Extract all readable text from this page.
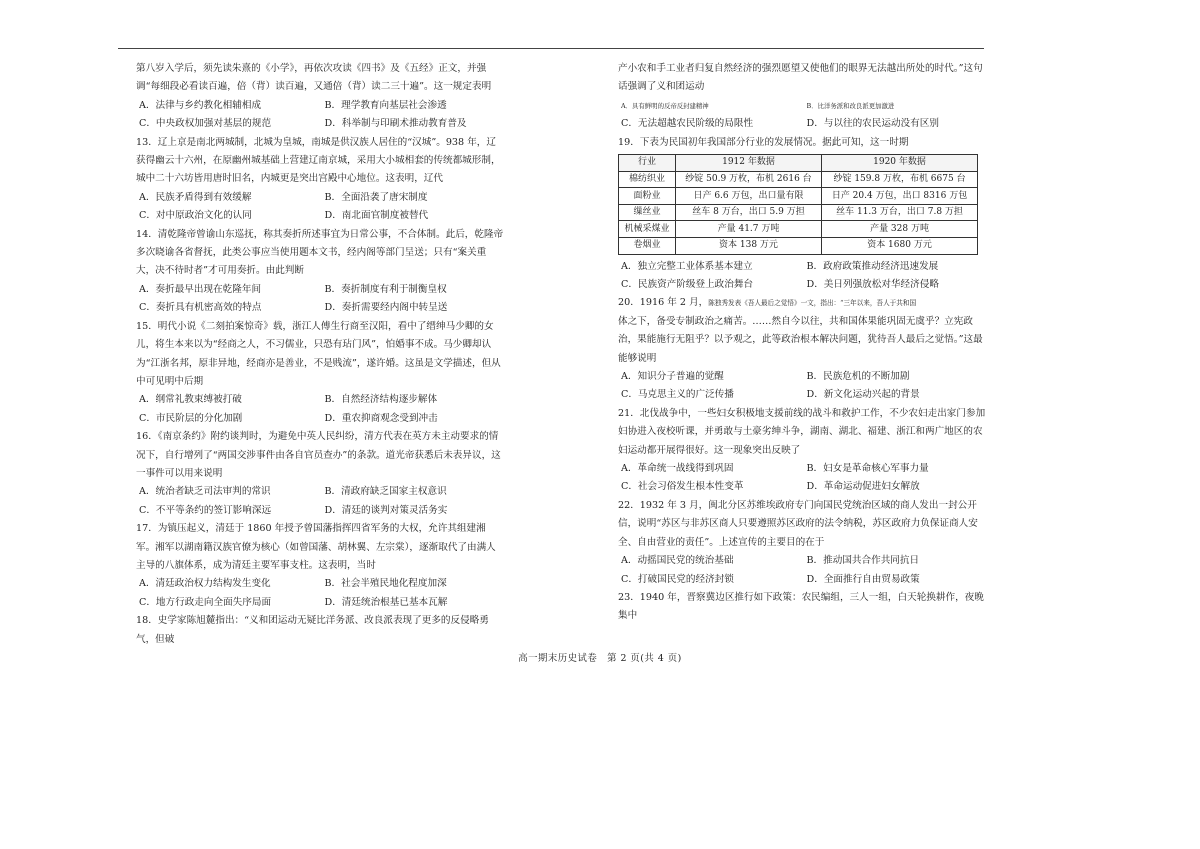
第八岁入学后，须先读朱熹的《小学》，再依次攻读《四书》及《五经》正文，并强调“每细段必看读百遍，倍（背）读百遍，又通倍（背）读二三十遍”。这一规定表明

A．法律与乡约教化相辅相成	B．理学教育向基层社会渗透
C．中央政权加强对基层的规范	D．科举制与印刷术推动教育普及

13．辽上京是南北两城制，北城为皇城，南城是供汉族人居住的“汉城”。938 年，辽获得幽云十六州，在原幽州城基础上营建辽南京城，采用大小城相套的传统都城形制，城中二十六坊皆用唐时旧名，内城更是突出宫殿中心地位。这表明，辽代

A．民族矛盾得到有效缓解	B．全面沿袭了唐宋制度
C．对中原政治文化的认同	D．南北面官制度被替代

14．清乾隆帝曾谕山东巡抚，称其奏折所述事宜为日常公事，不合体制。此后，乾隆帝多次晓谕各省督抚，此类公事应当使用题本文书，经内阁等部门呈送；只有“案关重大，决不待时者”才可用奏折。由此判断

A．奏折最早出现在乾隆年间	B．奏折制度有利于制衡皇权
C．奏折具有机密高效的特点	D．奏折需要经内阁中转呈送

15．明代小说《二刻拍案惊奇》载，浙江人傅生行商至汉阳，看中了缙绅马少卿的女儿，将生本来以为“经商之人，不习儒业，只恐有玷门风”，怕婚事不成。马少卿却认为“江浙名邦，原非异地，经商亦是善业，不是贱流”，遂许婚。这虽是文学描述，但从中可见明中后期

A．纲常礼教束缚被打破	B．自然经济结构逐步解体
C．市民阶层的分化加剧	D．重农抑商观念受到冲击

16．《南京条约》附约谈判时，为避免中英人民纠纷，清方代表在英方未主动要求的情况下，自行增列了“两国交涉事件由各自官员查办”的条款。道光帝获悉后未表异议，这一事件可以用来说明

A．统治者缺乏司法审判的常识	B．清政府缺乏国家主权意识
C．不平等条约的签订影响深远	D．清廷的谈判对策灵活务实

17．为镇压起义，清廷于 1860 年授予曾国藩指挥四省军务的大权，允许其组建湘军。湘军以湖南籍汉族官僚为核心（如曾国藩、胡林翼、左宗棠），逐渐取代了由满人主导的八旗体系，成为清廷主要军事支柱。这表明，当时

A．清廷政治权力结构发生变化	B．社会半殖民地化程度加深
C．地方行政走向全面失序局面	D．清廷统治根基已基本瓦解

18．史学家陈旭麓指出：“义和团运动无疑比洋务派、改良派表现了更多的反侵略勇气，但破

产小农和手工业者归复自然经济的强烈愿望又使他们的眼界无法越出所处的时代。”这句话强调了义和团运动

A．具有鲜明的反帝反封建精神	B．比洋务派和改良派更加激进
C．无法超越农民阶级的局限性	D．与以往的农民运动没有区别

19．下表为民国初年我国部分行业的发展情况。据此可知，这一时期

行业	1912 年数据	1920 年数据
棉纺织业	纱锭 50.9 万枚，布机 2616 台	纱锭 159.8 万枚，布机 6675 台
面粉业	日产 6.6 万包，出口量有限	日产 20.4 万包，出口 8316 万包
缫丝业	丝车 8 万台，出口 5.9 万担	丝车 11.3 万台，出口 7.8 万担
机械采煤业	产量 41.7 万吨	产量 328 万吨
卷烟业	资本 138 万元	资本 1680 万元
A．独立完整工业体系基本建立	B．政府政策推动经济迅速发展
C．民族资产阶级登上政治舞台	D．美日列强放松对华经济侵略

20．1916 年 2 月，陈独秀发表《吾人最后之觉悟》一文，指出：“三年以来，吾人于共和国
体之下，备受专制政治之痛苦。……然自今以往，共和国体果能巩固无虞乎？立宪政治，果能施行无阻乎？以予观之，此等政治根本解决问题，犹待吾人最后之觉悟。”这最能够说明

A．知识分子普遍的觉醒	B．民族危机的不断加剧
C．马克思主义的广泛传播	D．新文化运动兴起的背景

21．北伐战争中，一些妇女积极地支援前线的战斗和救护工作，不少农妇走出家门参加妇协进入夜校听课，并勇敢与土豪劣绅斗争，湖南、湖北、福建、浙江和两广地区的农妇运动都开展得很好。这一现象突出反映了

A．革命统一战线得到巩固	B．妇女是革命核心军事力量
C．社会习俗发生根本性变革	D．革命运动促进妇女解放

22．1932 年 3 月，闽北分区苏维埃政府专门向国民党统治区域的商人发出一封公开信，说明“苏区与非苏区商人只要遵照苏区政府的法令纳税，苏区政府力负保证商人安全、自由营业的责任”。上述宣传的主要目的在于

A．动摇国民党的统治基础	B．推动国共合作共同抗日
C．打破国民党的经济封锁	D．全面推行自由贸易政策

23．1940 年，晋察冀边区推行如下政策：农民编组，三人一组，白天轮换耕作，夜晚集中

高一期末历史试卷　第 2 页(共 4 页)
